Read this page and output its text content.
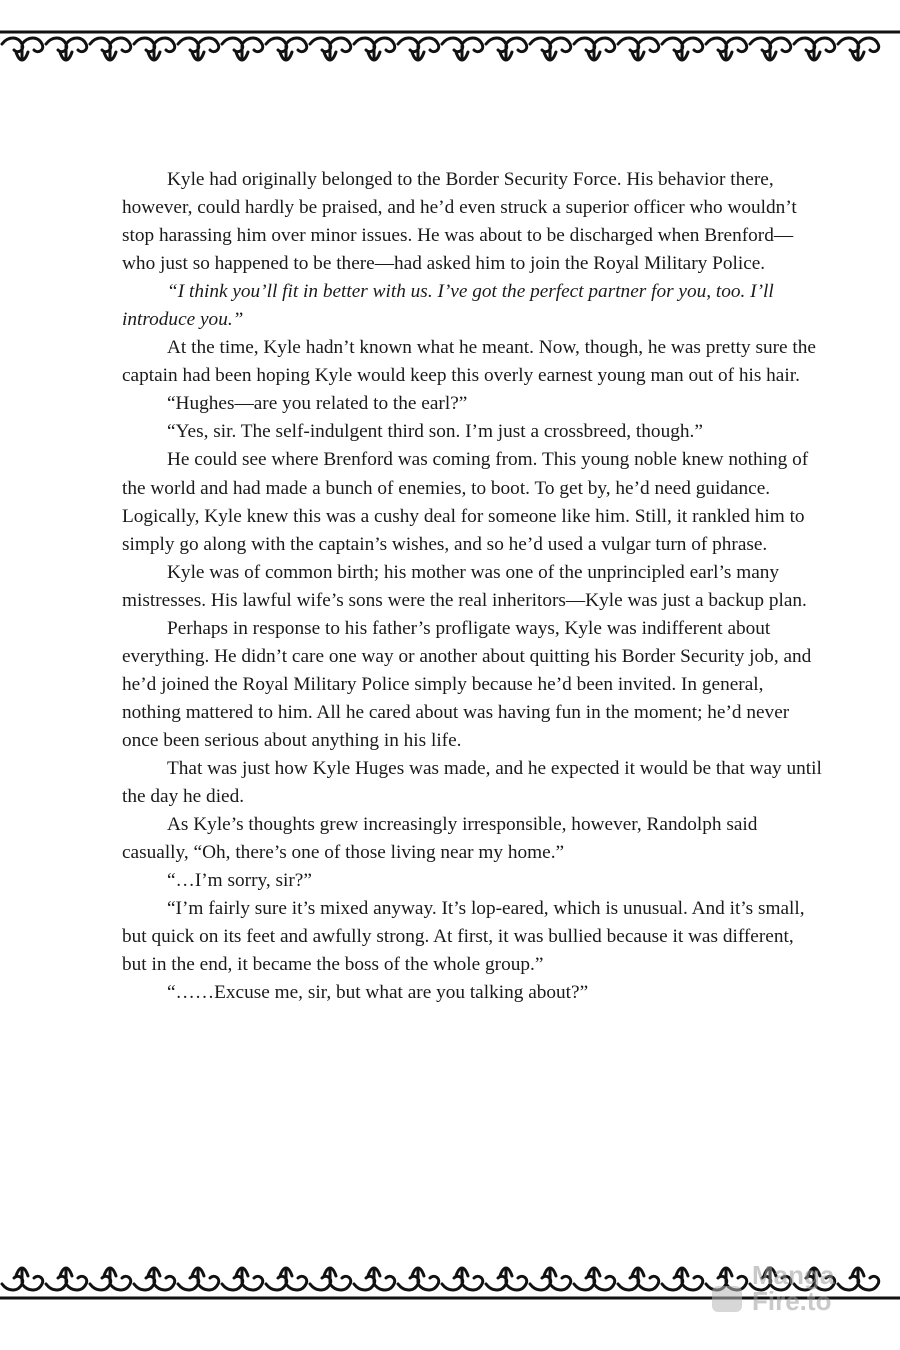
Kyle had originally belonged to the Border Security Force. His behavior there, however, could hardly be praised, and he’d even struck a superior officer who wouldn’t stop harassing him over minor issues. He was about to be discharged when Brenford—who just so happened to be there—had asked him to join the Royal Military Police.

“I think you’ll fit in better with us. I’ve got the perfect partner for you, too. I’ll introduce you.”

At the time, Kyle hadn’t known what he meant. Now, though, he was pretty sure the captain had been hoping Kyle would keep this overly earnest young man out of his hair.

“Hughes—are you related to the earl?”

“Yes, sir. The self-indulgent third son. I’m just a crossbreed, though.”

He could see where Brenford was coming from. This young noble knew nothing of the world and had made a bunch of enemies, to boot. To get by, he’d need guidance. Logically, Kyle knew this was a cushy deal for someone like him. Still, it rankled him to simply go along with the captain’s wishes, and so he’d used a vulgar turn of phrase.

Kyle was of common birth; his mother was one of the unprincipled earl’s many mistresses. His lawful wife’s sons were the real inheritors—Kyle was just a backup plan.

Perhaps in response to his father’s profligate ways, Kyle was indifferent about everything. He didn’t care one way or another about quitting his Border Security job, and he’d joined the Royal Military Police simply because he’d been invited. In general, nothing mattered to him. All he cared about was having fun in the moment; he’d never once been serious about anything in his life.

That was just how Kyle Huges was made, and he expected it would be that way until the day he died.

As Kyle’s thoughts grew increasingly irresponsible, however, Randolph said casually, “Oh, there’s one of those living near my home.”

“…I’m sorry, sir?”

“I’m fairly sure it’s mixed anyway. It’s lop-eared, which is unusual. And it’s small, but quick on its feet and awfully strong. At first, it was bullied because it was different, but in the end, it became the boss of the whole group.”

“……Excuse me, sir, but what are you talking about?”

Manga
Fire.to
